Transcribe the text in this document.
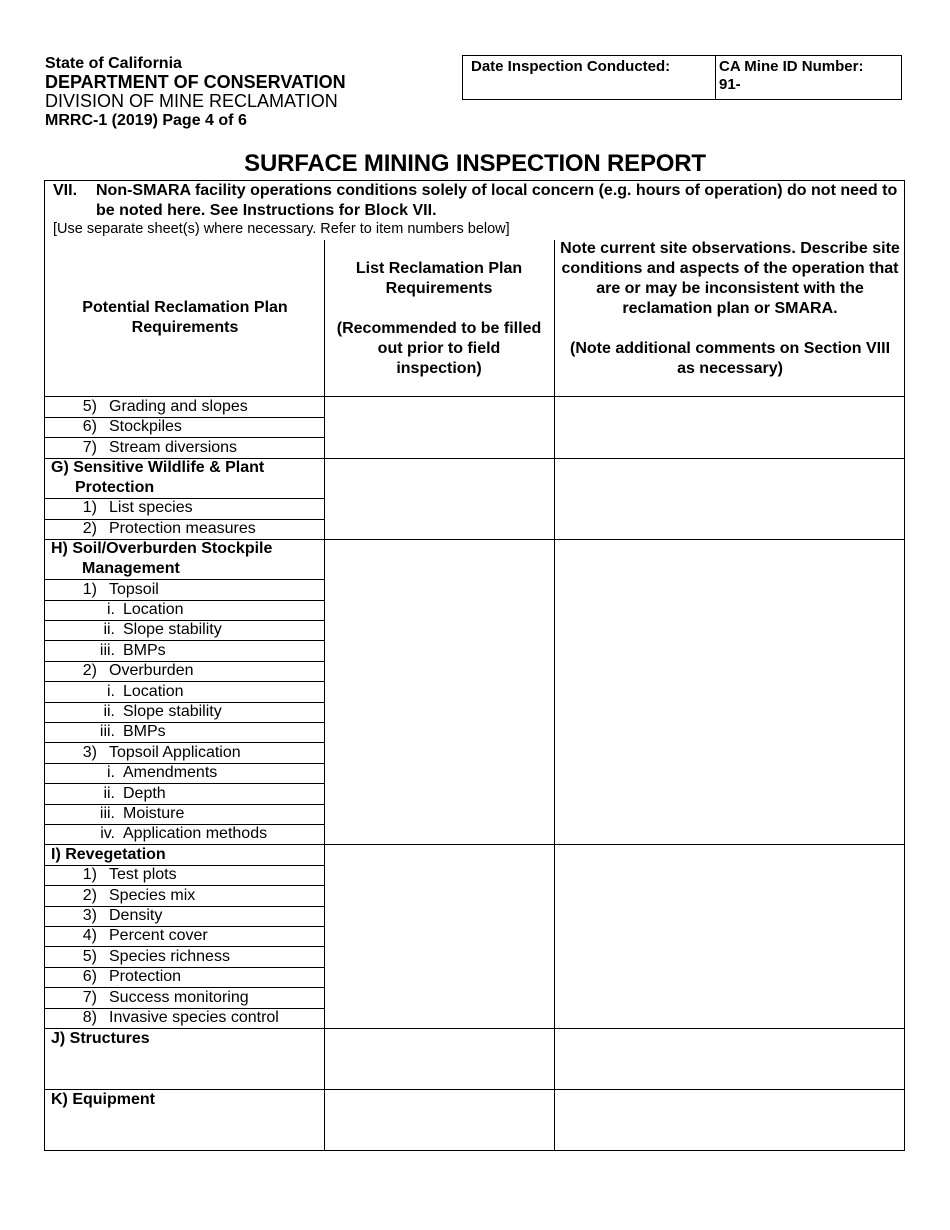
State of California
DEPARTMENT OF CONSERVATION
DIVISION OF MINE RECLAMATION
MRRC-1 (2019) Page 4 of 6
Date Inspection Conducted:	CA Mine ID Number:
91-
SURFACE MINING INSPECTION REPORT
VII. Non-SMARA facility operations conditions solely of local concern (e.g. hours of operation) do not need to be noted here. See Instructions for Block VII.
[Use separate sheet(s) where necessary. Refer to item numbers below]
Potential Reclamation Plan Requirements
List Reclamation Plan Requirements
(Recommended to be filled out prior to field inspection)
Note current site observations. Describe site conditions and aspects of the operation that are or may be inconsistent with the reclamation plan or SMARA.
(Note additional comments on Section VIII as necessary)
5) Grading and slopes
6) Stockpiles
7) Stream diversions
G) Sensitive Wildlife & Plant
Protection
1) List species
2) Protection measures
H) Soil/Overburden Stockpile
Management
1) Topsoil
i. Location
ii. Slope stability
iii. BMPs
2) Overburden
i. Location
ii. Slope stability
iii. BMPs
3) Topsoil Application
i. Amendments
ii. Depth
iii. Moisture
iv. Application methods
I) Revegetation
1) Test plots
2) Species mix
3) Density
4) Percent cover
5) Species richness
6) Protection
7) Success monitoring
8) Invasive species control
J) Structures
K) Equipment
